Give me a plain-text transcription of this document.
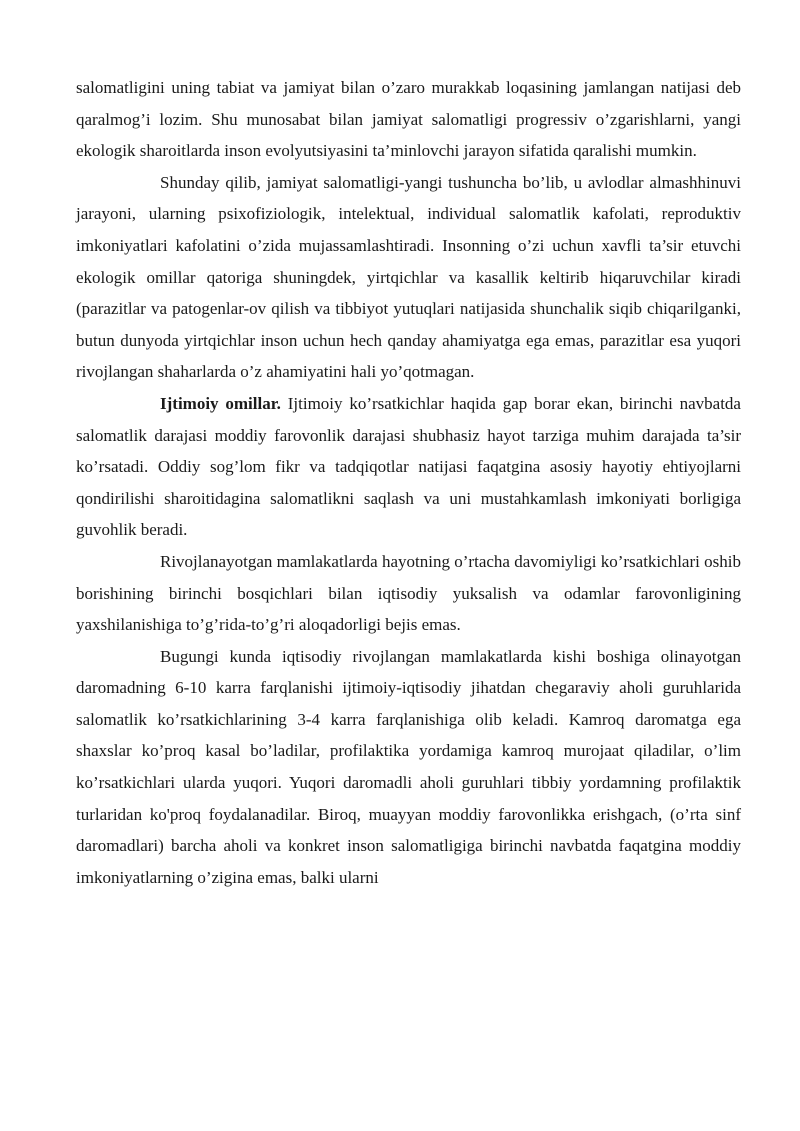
salomatligini uning tabiat va jamiyat bilan o’zaro murakkab loqasining jamlangan natijasi deb qaralmog’i lozim. Shu munosabat bilan jamiyat salomatligi progressiv o’zgarishlarni, yangi ekologik sharoitlarda inson evolyutsiyasini ta’minlovchi jarayon sifatida qaralishi mumkin.

Shunday qilib, jamiyat salomatligi-yangi tushuncha bo’lib, u avlodlar almashhinuvi jarayoni, ularning psixofiziologik, intelektual, individual salomatlik kafolati, reproduktiv imkoniyatlari kafolatini o’zida mujassamlashtiradi. Insonning o’zi uchun xavfli ta’sir etuvchi ekologik omillar qatoriga shuningdek, yirtqichlar va kasallik keltirib hiqaruvchilar kiradi (parazitlar va patogenlar-ov qilish va tibbiyot yutuqlari natijasida shunchalik siqib chiqarilganki, butun dunyoda yirtqichlar inson uchun hech qanday ahamiyatga ega emas, parazitlar esa yuqori rivojlangan shaharlarda o’z ahamiyatini hali yo’qotmagan.

Ijtimoiy omillar. Ijtimoiy ko’rsatkichlar haqida gap borar ekan, birinchi navbatda salomatlik darajasi moddiy farovonlik darajasi shubhasiz hayot tarziga muhim darajada ta’sir ko’rsatadi. Oddiy sog’lom fikr va tadqiqotlar natijasi faqatgina asosiy hayotiy ehtiyojlarni qondirilishi sharoitidagina salomatlikni saqlash va uni mustahkamlash imkoniyati borligiga guvohlik beradi.

Rivojlanayotgan mamlakatlarda hayotning o’rtacha davomiyligi ko’rsatkichlari oshib borishining birinchi bosqichlari bilan iqtisodiy yuksalish va odamlar farovonligining yaxshilanishiga to’g’rida-to’g’ri aloqadorligi bejis emas.

Bugungi kunda iqtisodiy rivojlangan mamlakatlarda kishi boshiga olinayotgan daromadning 6-10 karra farqlanishi ijtimoiy-iqtisodiy jihatdan chegaraviy aholi guruhlarida salomatlik ko’rsatkichlarining 3-4 karra farqlanishiga olib keladi. Kamroq daromatga ega shaxslar ko’proq kasal bo’ladilar, profilaktika yordamiga kamroq murojaat qiladilar, o’lim ko’rsatkichlari ularda yuqori. Yuqori daromadli aholi guruhlari tibbiy yordamning profilaktik turlaridan ko'proq foydalanadilar. Biroq, muayyan moddiy farovonlikka erishgach, (o’rta sinf daromadlari) barcha aholi va konkret inson salomatligiga birinchi navbatda faqatgina moddiy imkoniyatlarning o’zigina emas, balki ularni
